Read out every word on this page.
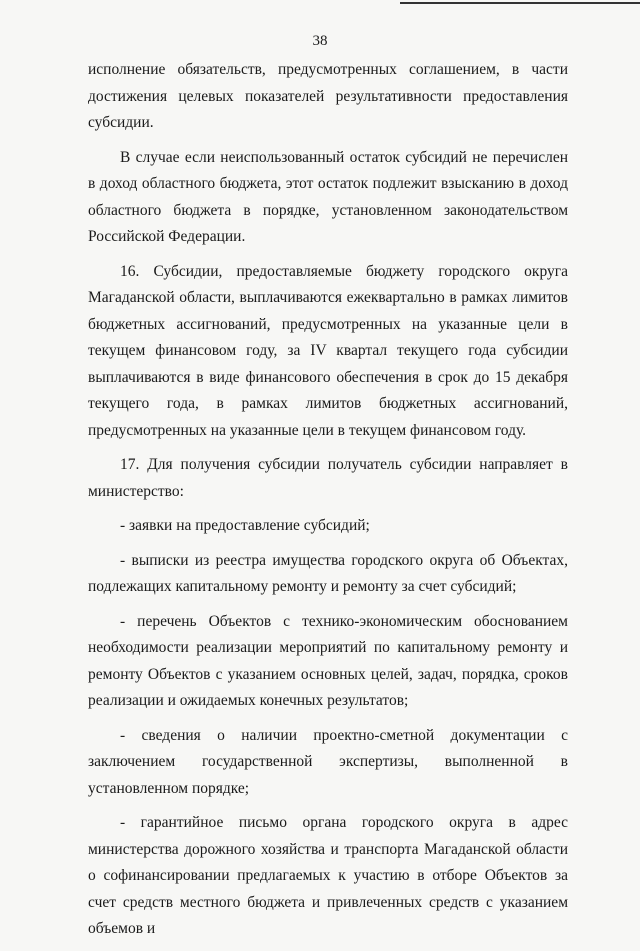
38

исполнение обязательств, предусмотренных соглашением, в части достижения целевых показателей результативности предоставления субсидии.

В случае если неиспользованный остаток субсидий не перечислен в доход областного бюджета, этот остаток подлежит взысканию в доход областного бюджета в порядке, установленном законодательством Российской Федерации.

16. Субсидии, предоставляемые бюджету городского округа Магаданской области, выплачиваются ежеквартально в рамках лимитов бюджетных ассигнований, предусмотренных на указанные цели в текущем финансовом году, за IV квартал текущего года субсидии выплачиваются в виде финансового обеспечения в срок до 15 декабря текущего года, в рамках лимитов бюджетных ассигнований, предусмотренных на указанные цели в текущем финансовом году.

17. Для получения субсидии получатель субсидии направляет в министерство:

- заявки на предоставление субсидий;

- выписки из реестра имущества городского округа об Объектах, подлежащих капитальному ремонту и ремонту за счет субсидий;

- перечень Объектов с технико-экономическим обоснованием необходимости реализации мероприятий по капитальному ремонту и ремонту Объектов с указанием основных целей, задач, порядка, сроков реализации и ожидаемых конечных результатов;

- сведения о наличии проектно-сметной документации с заключением государственной экспертизы, выполненной в установленном порядке;

- гарантийное письмо органа городского округа в адрес министерства дорожного хозяйства и транспорта Магаданской области о софинансировании предлагаемых к участию в отборе Объектов за счет средств местного бюджета и привлеченных средств с указанием объемов и
